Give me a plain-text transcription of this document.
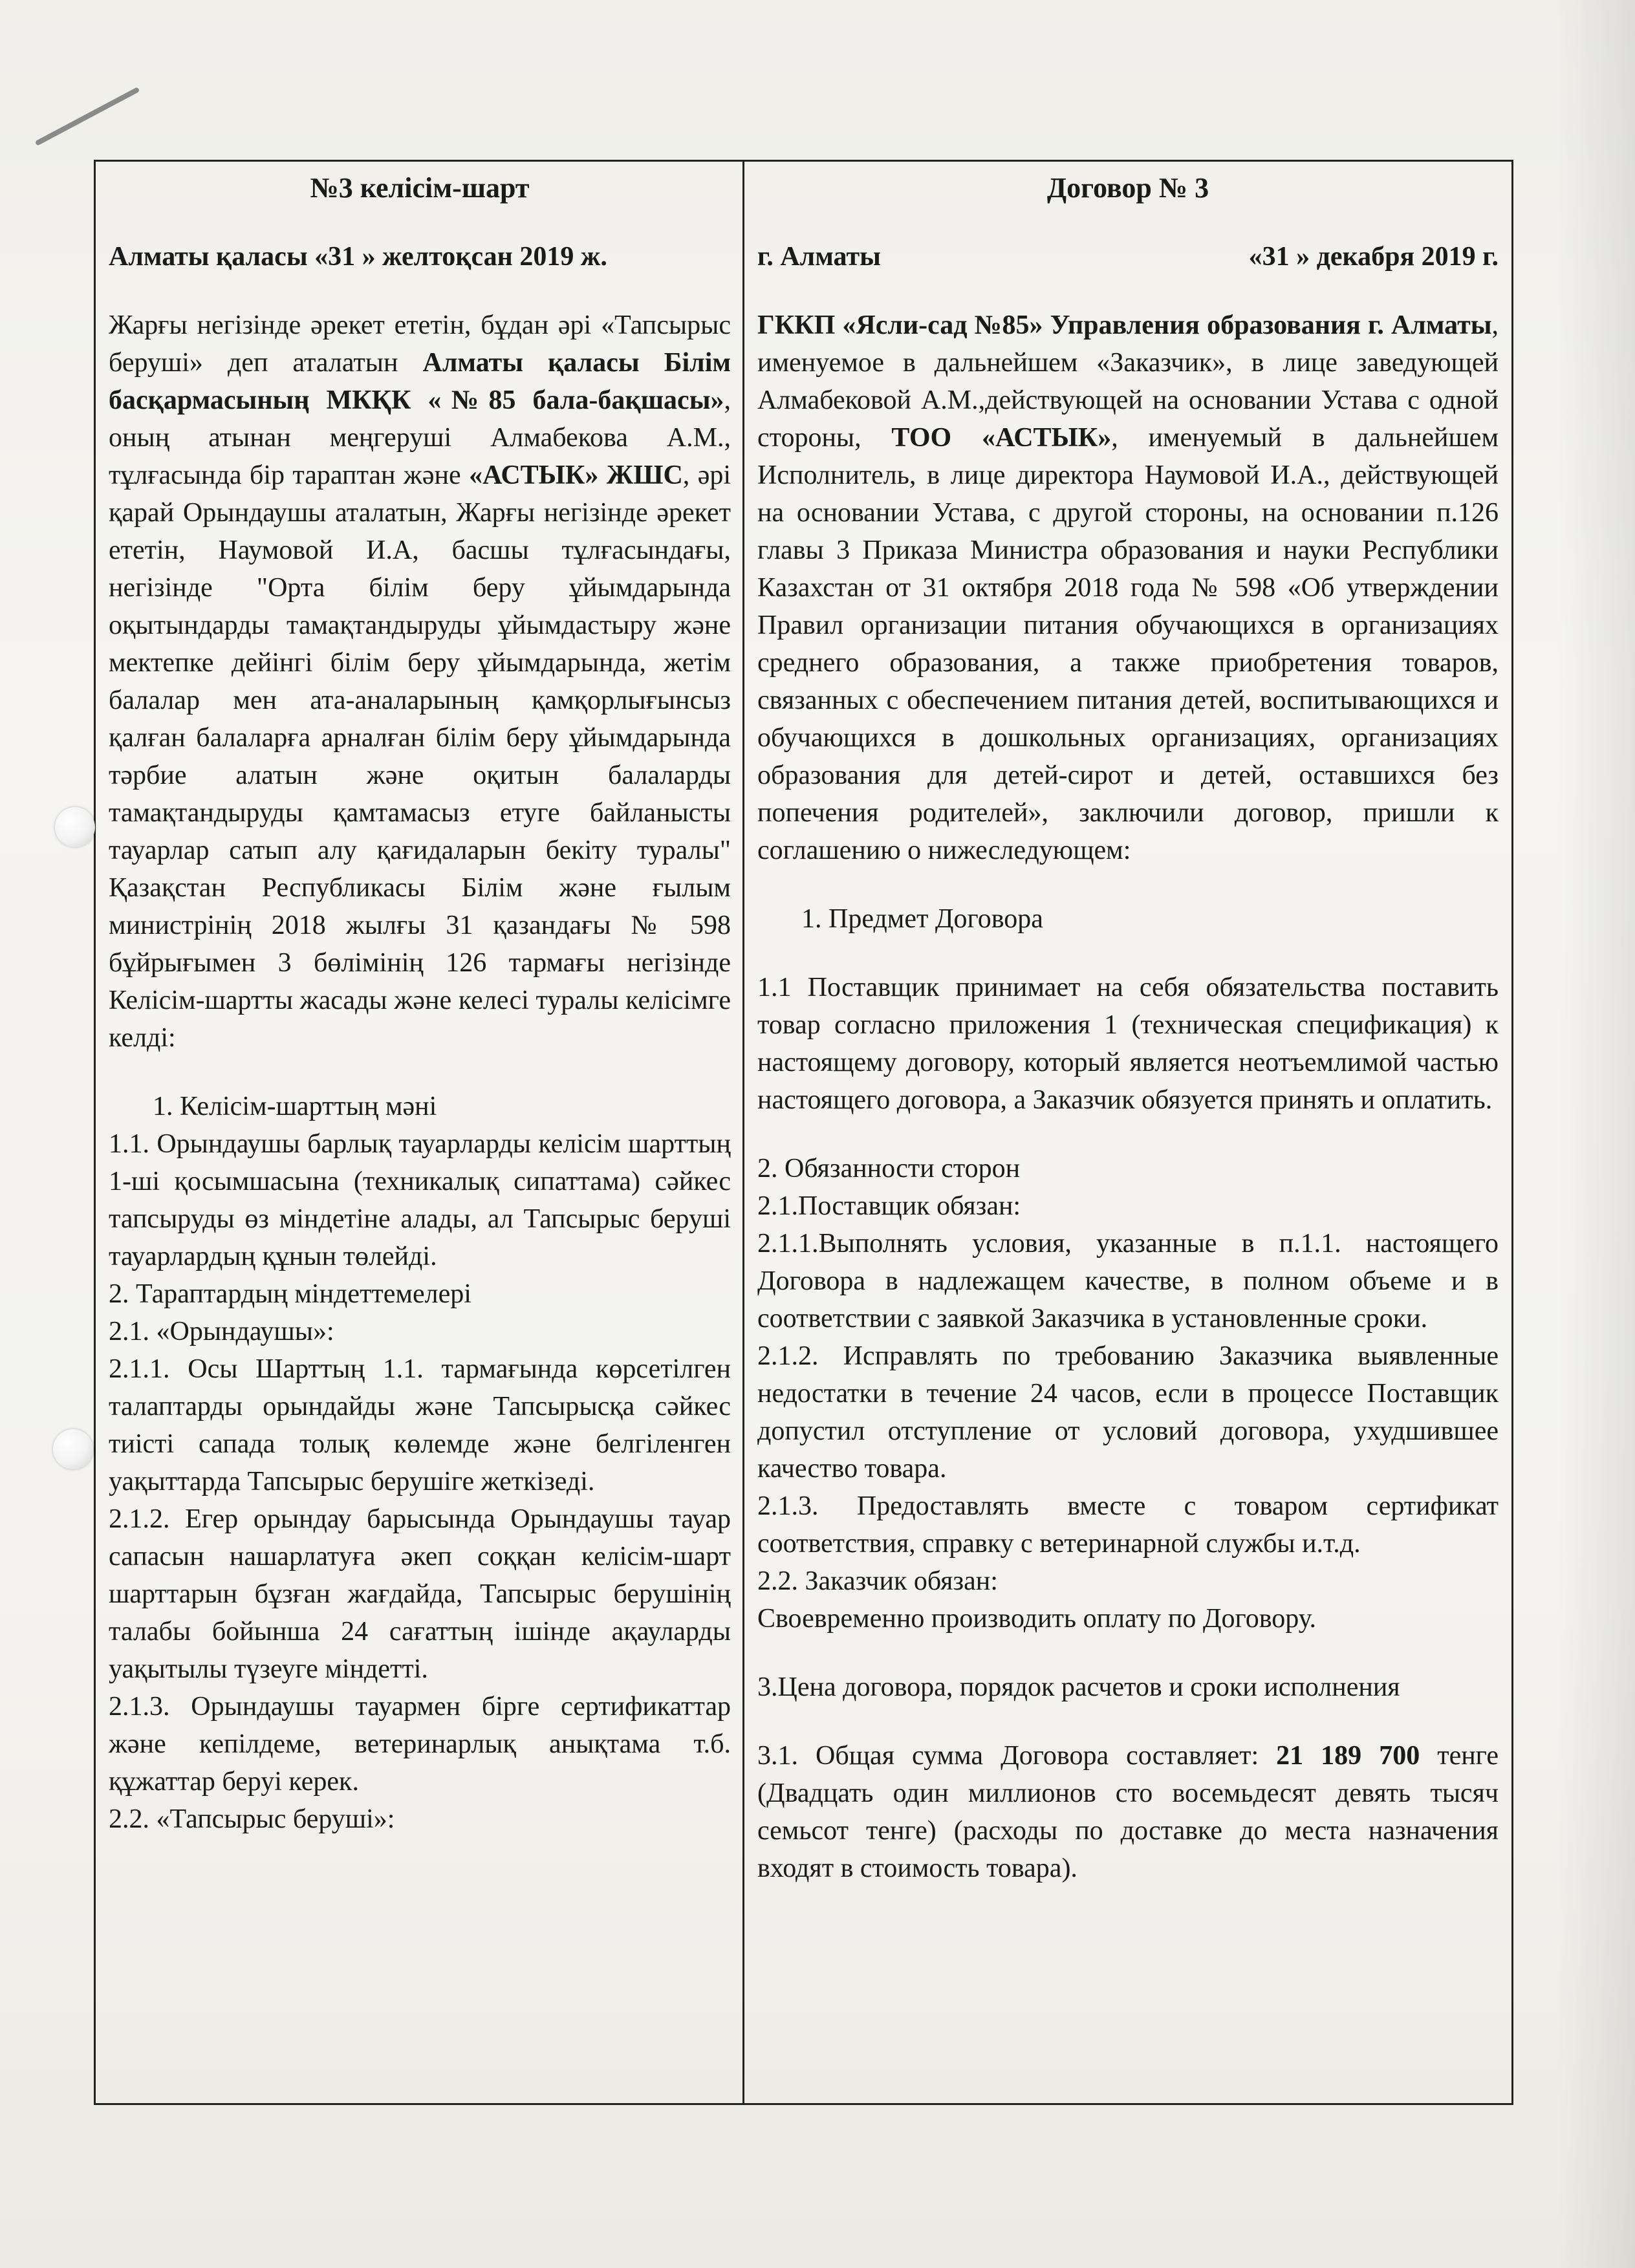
№3 келісім-шарт

Алматы қаласы «31 » желтоқсан 2019 ж.

Жарғы негізінде әрекет ететін, бұдан әрі «Тапсырыс беруші» деп аталатын Алматы қаласы Білім басқармасының МКҚК «№85 бала-бақшасы», оның атынан меңгеруші Алмабекова А.М., тұлғасында бір тараптан және «АСТЫК» ЖШС, әрі қарай Орындаушы аталатын, Жарғы негізінде әрекет ететін, Наумовой И.А, басшы тұлғасындағы, негізінде "Орта білім беру ұйымдарында оқытындарды тамақтандыруды ұйымдастыру және мектепке дейінгі білім беру ұйымдарында, жетім балалар мен ата-аналарының қамқорлығынсыз қалған балаларға арналған білім беру ұйымдарында тәрбие алатын және оқитын балаларды тамақтандыруды қамтамасыз етуге байланысты тауарлар сатып алу қағидаларын бекіту туралы" Қазақстан Республикасы Білім және ғылым министрінің 2018 жылғы 31 қазандағы № 598 бұйрығымен 3 бөлімінің 126 тармағы негізінде Келісім-шартты жасады және келесі туралы келісімге келді:

1. Келісім-шарттың мәні

1.1. Орындаушы барлық тауарларды келісім шарттың 1-ші қосымшасына (техникалық сипаттама) сәйкес тапсыруды өз міндетіне алады, ал Тапсырыс беруші тауарлардың құнын төлейді.

2. Тараптардың міндеттемелері

2.1. «Орындаушы»:

2.1.1. Осы Шарттың 1.1. тармағында көрсетілген талаптарды орындайды және Тапсырысқа сәйкес тиісті сапада толық көлемде және белгіленген уақыттарда Тапсырыс берушіге жеткізеді.

2.1.2. Егер орындау барысында Орындаушы тауар сапасын нашарлатуға әкеп соққан келісім-шарт шарттарын бұзған жағдайда, Тапсырыс берушінің талабы бойынша 24 сағаттың ішінде ақауларды уақытылы түзеуге міндетті.

2.1.3. Орындаушы тауармен бірге сертификаттар және кепілдеме, ветеринарлық анықтама т.б. құжаттар беруі керек.

2.2. «Тапсырыс беруші»:

Договор № 3

г. Алматы	«31 » декабря 2019 г.

ГККП «Ясли-сад №85» Управления образования г. Алматы, именуемое в дальнейшем «Заказчик», в лице заведующей Алмабековой А.М.,действующей на основании Устава с одной стороны, ТОО «АСТЫК», именуемый в дальнейшем Исполнитель, в лице директора Наумовой И.А., действующей на основании Устава, с другой стороны, на основании п.126 главы 3 Приказа Министра образования и науки Республики Казахстан от 31 октября 2018 года № 598 «Об утверждении Правил организации питания обучающихся в организациях среднего образования, а также приобретения товаров, связанных с обеспечением питания детей, воспитывающихся и обучающихся в дошкольных организациях, организациях образования для детей-сирот и детей, оставшихся без попечения родителей», заключили договор, пришли к соглашению о нижеследующем:

1. Предмет Договора

1.1 Поставщик принимает на себя обязательства поставить товар согласно приложения 1 (техническая спецификация) к настоящему договору, который является неотъемлимой частью настоящего договора, а Заказчик обязуется принять и оплатить.

2. Обязанности сторон

2.1.Поставщик обязан:

2.1.1.Выполнять условия, указанные в п.1.1. настоящего Договора в надлежащем качестве, в полном объеме и в соответствии с заявкой Заказчика в установленные сроки.

2.1.2. Исправлять по требованию Заказчика выявленные недостатки в течение 24 часов, если в процессе Поставщик допустил отступление от условий договора, ухудшившее качество товара.

2.1.3. Предоставлять вместе с товаром сертификат соответствия, справку с ветеринарной службы и.т.д.

2.2. Заказчик обязан:

Своевременно производить оплату по Договору.

3.Цена договора, порядок расчетов и сроки исполнения

3.1. Общая сумма Договора составляет: 21 189 700 тенге (Двадцать один миллионов сто восемьдесят девять тысяч семьсот тенге) (расходы по доставке до места назначения входят в стоимость товара).
